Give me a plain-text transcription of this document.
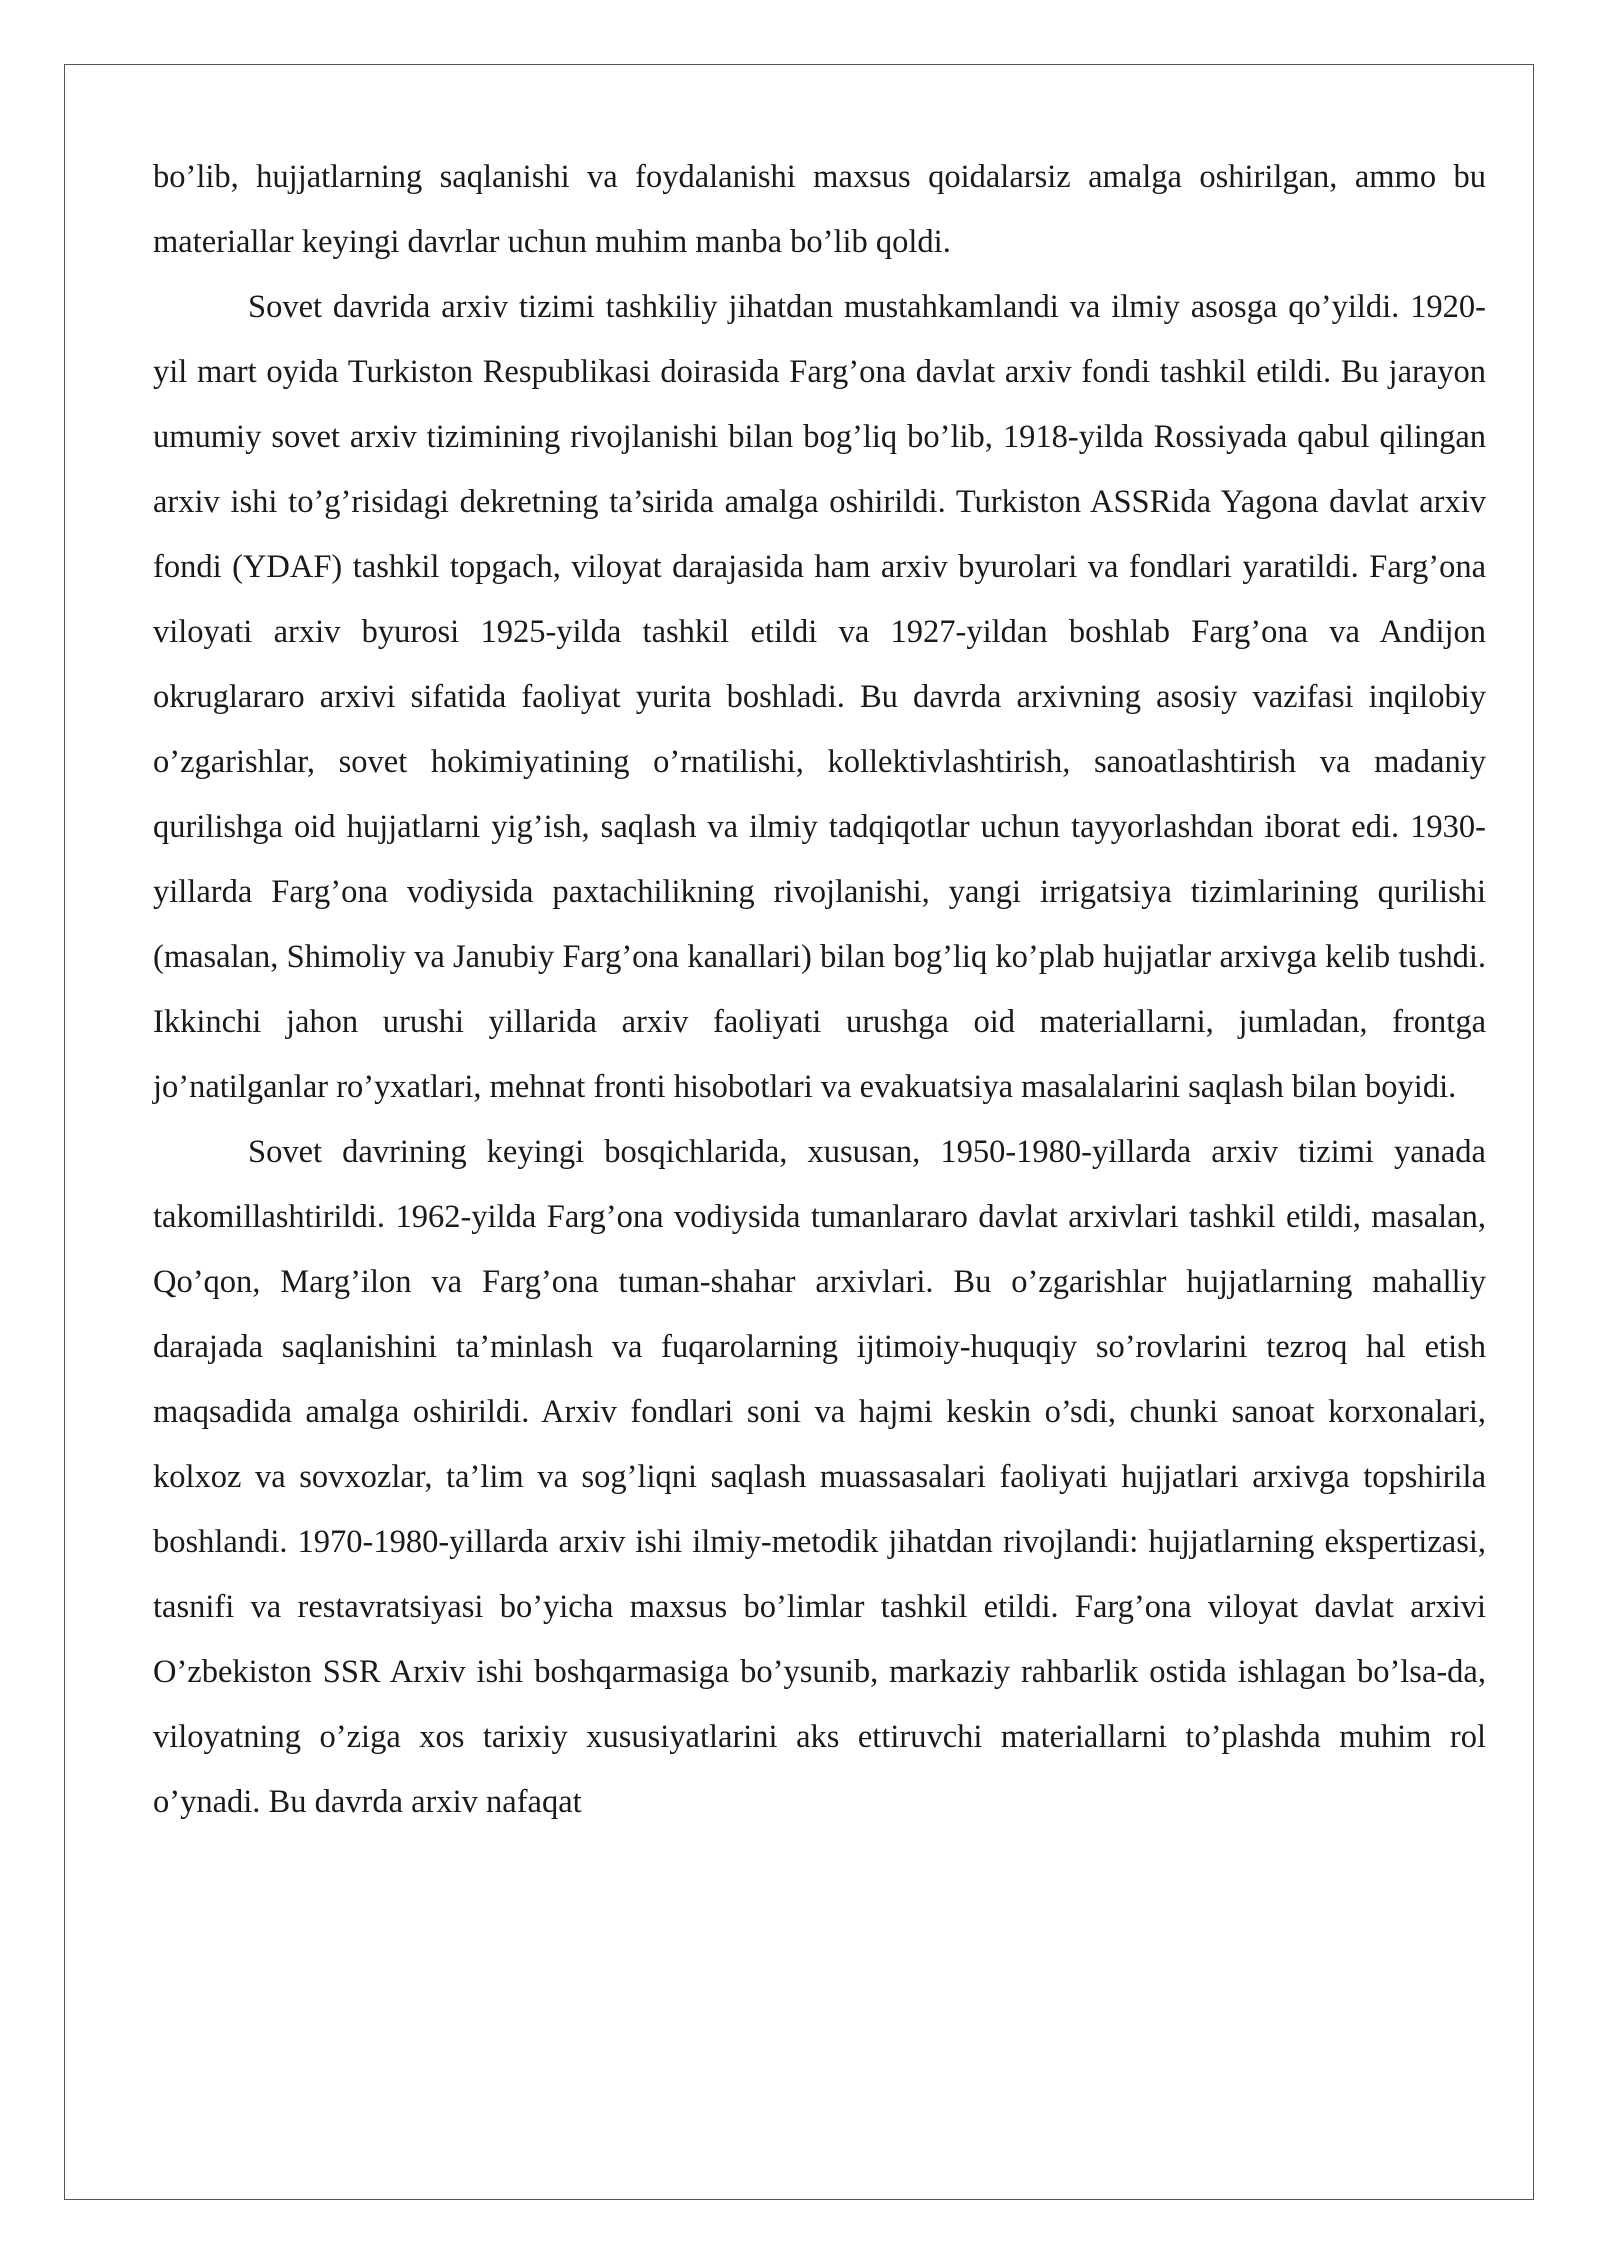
bo’lib, hujjatlarning saqlanishi va foydalanishi maxsus qoidalarsiz amalga oshirilgan, ammo bu materiallar keyingi davrlar uchun muhim manba bo’lib qoldi.

Sovet davrida arxiv tizimi tashkiliy jihatdan mustahkamlandi va ilmiy asosga qo’yildi. 1920-yil mart oyida Turkiston Respublikasi doirasida Farg’ona davlat arxiv fondi tashkil etildi. Bu jarayon umumiy sovet arxiv tizimining rivojlanishi bilan bog’liq bo’lib, 1918-yilda Rossiyada qabul qilingan arxiv ishi to’g’risidagi dekretning ta’sirida amalga oshirildi. Turkiston ASSRida Yagona davlat arxiv fondi (YDAF) tashkil topgach, viloyat darajasida ham arxiv byurolari va fondlari yaratildi. Farg’ona viloyati arxiv byurosi 1925-yilda tashkil etildi va 1927-yildan boshlab Farg’ona va Andijon okruglararo arxivi sifatida faoliyat yurita boshladi. Bu davrda arxivning asosiy vazifasi inqilobiy o’zgarishlar, sovet hokimiyatining o’rnatilishi, kollektivlashtirish, sanoatlashtirish va madaniy qurilishga oid hujjatlarni yig’ish, saqlash va ilmiy tadqiqotlar uchun tayyorlashdan iborat edi. 1930-yillarda Farg’ona vodiysida paxtachilikning rivojlanishi, yangi irrigatsiya tizimlarining qurilishi (masalan, Shimoliy va Janubiy Farg’ona kanallari) bilan bog’liq ko’plab hujjatlar arxivga kelib tushdi. Ikkinchi jahon urushi yillarida arxiv faoliyati urushga oid materiallarni, jumladan, frontga jo’natilganlar ro’yxatlari, mehnat fronti hisobotlari va evakuatsiya masalalarini saqlash bilan boyidi.

Sovet davrining keyingi bosqichlarida, xususan, 1950-1980-yillarda arxiv tizimi yanada takomillashtirildi. 1962-yilda Farg’ona vodiysida tumanlararo davlat arxivlari tashkil etildi, masalan, Qo’qon, Marg’ilon va Farg’ona tuman-shahar arxivlari. Bu o’zgarishlar hujjatlarning mahalliy darajada saqlanishini ta’minlash va fuqarolarning ijtimoiy-huquqiy so’rovlarini tezroq hal etish maqsadida amalga oshirildi. Arxiv fondlari soni va hajmi keskin o’sdi, chunki sanoat korxonalari, kolxoz va sovxozlar, ta’lim va sog’liqni saqlash muassasalari faoliyati hujjatlari arxivga topshirila boshlandi. 1970-1980-yillarda arxiv ishi ilmiy-metodik jihatdan rivojlandi: hujjatlarning ekspertizasi, tasnifi va restavratsiyasi bo’yicha maxsus bo’limlar tashkil etildi. Farg’ona viloyat davlat arxivi O’zbekiston SSR Arxiv ishi boshqarmasiga bo’ysunib, markaziy rahbarlik ostida ishlagan bo’lsa-da, viloyatning o’ziga xos tarixiy xususiyatlarini aks ettiruvchi materiallarni to’plashda muhim rol o’ynadi. Bu davrda arxiv nafaqat
